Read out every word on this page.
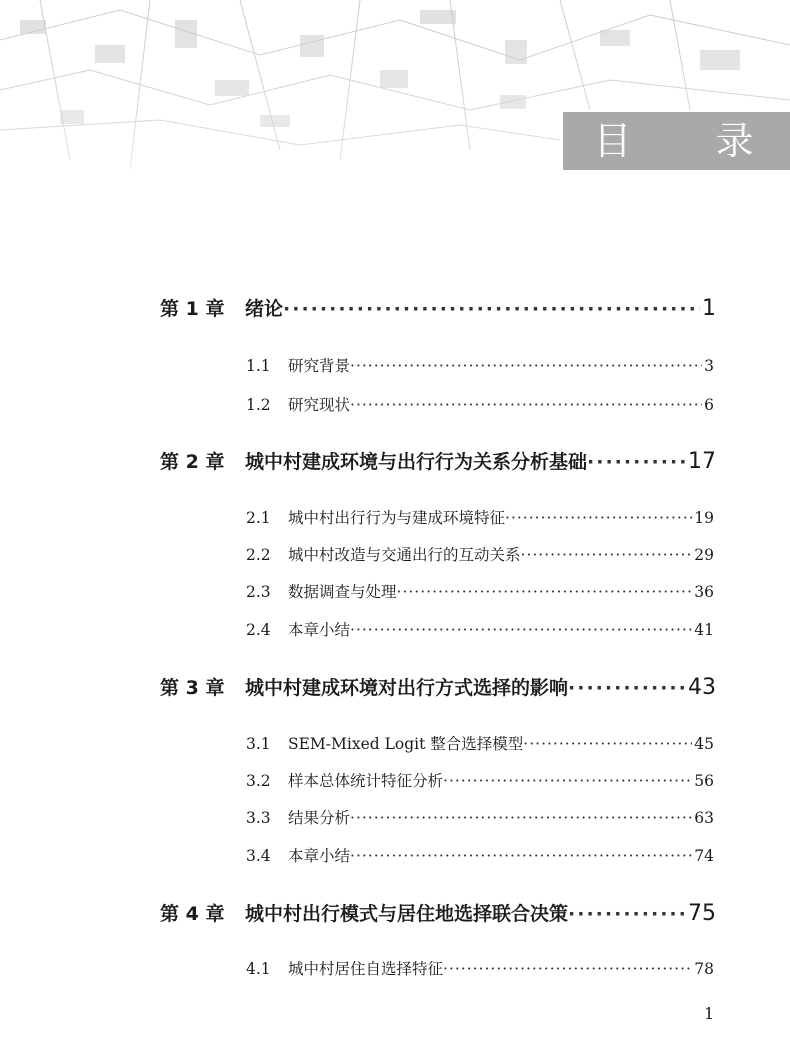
目 录
第 1 章	绪论 ·····	1
1.1	研究背景 ·····	3
1.2	研究现状 ·····	6
第 2 章	城中村建成环境与出行行为关系分析基础 ·····	17
2.1	城中村出行行为与建成环境特征 ·····	19
2.2	城中村改造与交通出行的互动关系 ·····	29
2.3	数据调查与处理 ·····	36
2.4	本章小结 ·····	41
第 3 章	城中村建成环境对出行方式选择的影响 ·····	43
3.1	SEM-Mixed Logit 整合选择模型 ·····	45
3.2	样本总体统计特征分析 ·····	56
3.3	结果分析 ·····	63
3.4	本章小结 ·····	74
第 4 章	城中村出行模式与居住地选择联合决策 ·····	75
4.1	城中村居住自选择特征 ·····	78
1
